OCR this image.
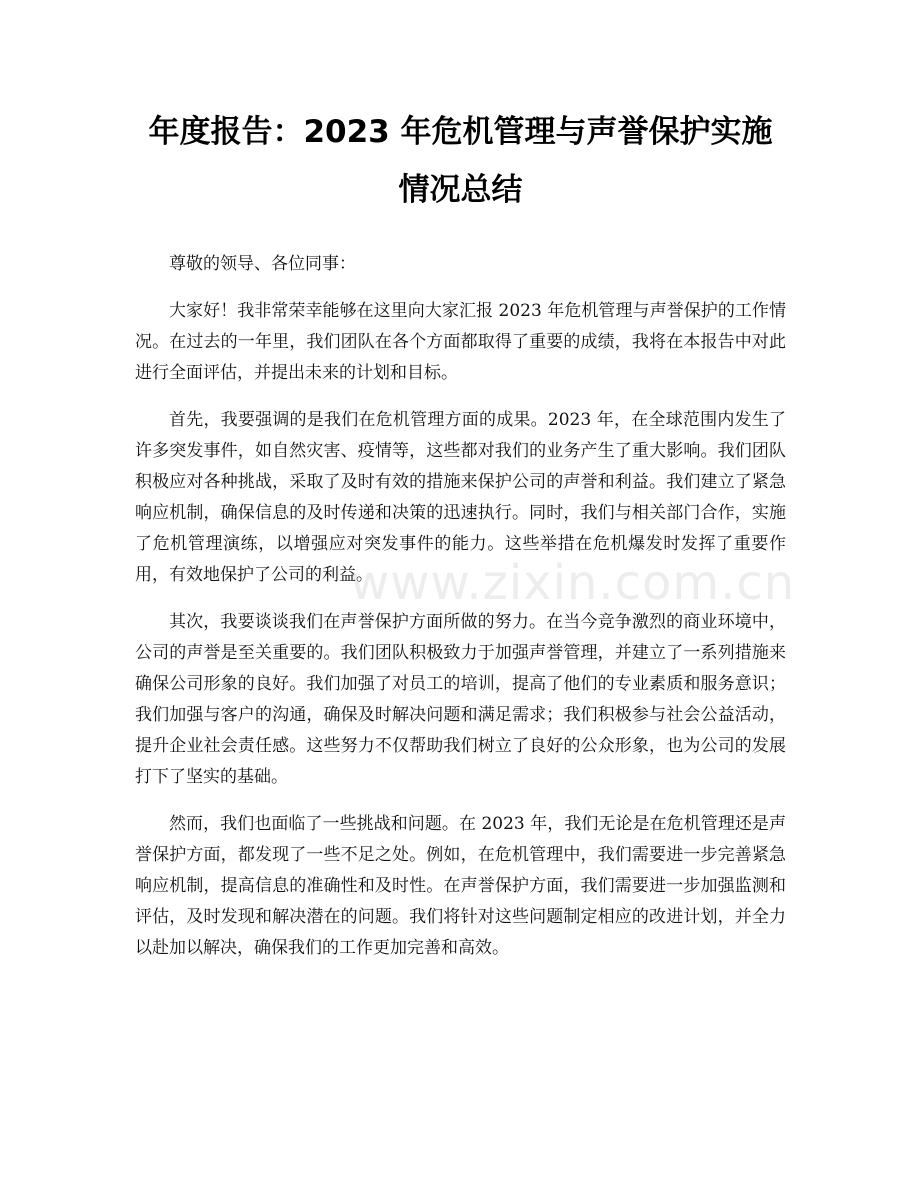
年度报告：2023 年危机管理与声誉保护实施
情况总结

尊敬的领导、各位同事：

大家好！我非常荣幸能够在这里向大家汇报 2023 年危机管理与声誉保护的工作情况。在过去的一年里，我们团队在各个方面都取得了重要的成绩，我将在本报告中对此进行全面评估，并提出未来的计划和目标。

首先，我要强调的是我们在危机管理方面的成果。2023 年，在全球范围内发生了许多突发事件，如自然灾害、疫情等，这些都对我们的业务产生了重大影响。我们团队积极应对各种挑战，采取了及时有效的措施来保护公司的声誉和利益。我们建立了紧急响应机制，确保信息的及时传递和决策的迅速执行。同时，我们与相关部门合作，实施了危机管理演练，以增强应对突发事件的能力。这些举措在危机爆发时发挥了重要作用，有效地保护了公司的利益。

其次，我要谈谈我们在声誉保护方面所做的努力。在当今竞争激烈的商业环境中，公司的声誉是至关重要的。我们团队积极致力于加强声誉管理，并建立了一系列措施来确保公司形象的良好。我们加强了对员工的培训，提高了他们的专业素质和服务意识；我们加强与客户的沟通，确保及时解决问题和满足需求；我们积极参与社会公益活动，提升企业社会责任感。这些努力不仅帮助我们树立了良好的公众形象，也为公司的发展打下了坚实的基础。

然而，我们也面临了一些挑战和问题。在 2023 年，我们无论是在危机管理还是声誉保护方面，都发现了一些不足之处。例如，在危机管理中，我们需要进一步完善紧急响应机制，提高信息的准确性和及时性。在声誉保护方面，我们需要进一步加强监测和评估，及时发现和解决潜在的问题。我们将针对这些问题制定相应的改进计划，并全力以赴加以解决，确保我们的工作更加完善和高效。

www.zixin.com.cn
